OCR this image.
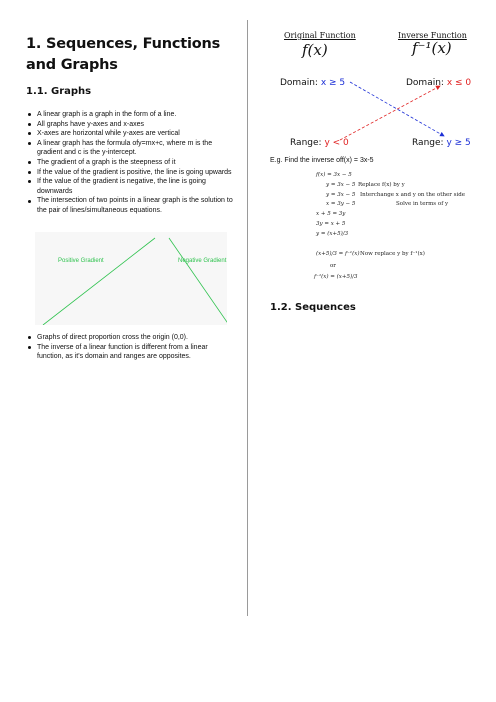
1. Sequences, Functions and Graphs
1.1. Graphs
A linear graph is a graph in the form of a line.
All graphs have y-axes and x-axes
X-axes are horizontal while y-axes are vertical
A linear graph has the formula ofy=mx+c, where m is the gradient and c is the y-intercept.
The gradient of a graph is the steepness of it
If the value of the gradient is positive, the line is going upwards
If the value of the gradient is negative, the line is going downwards
The intersection of two points in a linear graph is the solution to the pair of lines/simultaneous equations.
Positive Gradient	Negative Gradient
Graphs of direct proportion cross the origin (0,0).
The inverse of a linear function is different from a linear function, as it's domain and ranges are opposites.
Original Function	Inverse Function
f(x)	f⁻¹(x)
Domain: x ≥ 5	Domain: x ≤ 0
Range: y < 0	Range: y ≥ 5
E.g. Find the inverse off(x) = 3x-5
f(x) = 3x − 5
y = 3x − 5 Replace f(x) by y
y = 3x − 5 Interchange x and y on the other side
x = 3y − 5	Solve in terms of y
x + 5 = 3y
3y = x + 5
y = (x+5)/3
(x+5)/3 = f⁻¹(x) Now replace y by f⁻¹(x)
or
f⁻¹(x) = (x+5)/3
1.2. Sequences
